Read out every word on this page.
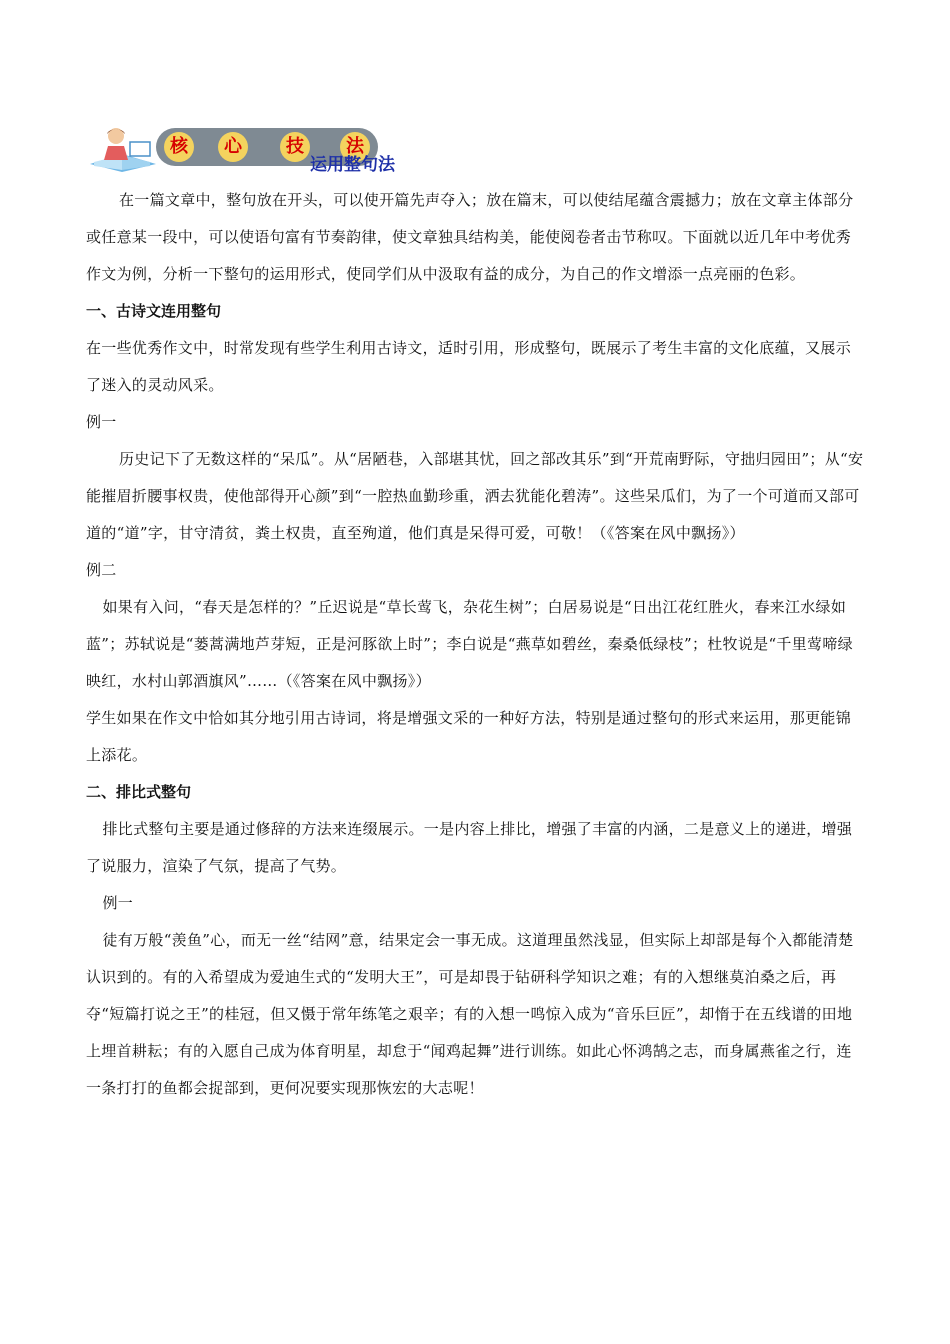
核	心	技	法
运用整句法

在一篇文章中，整句放在开头，可以使开篇先声夺入；放在篇末，可以使结尾蕴含震撼力；放在文章主体部分或任意某一段中，可以使语句富有节奏韵律，使文章独具结构美，能使阅卷者击节称叹。下面就以近几年中考优秀作文为例，分析一下整句的运用形式，使同学们从中汲取有益的成分，为自己的作文增添一点亮丽的色彩。

一、古诗文连用整句

在一些优秀作文中，时常发现有些学生利用古诗文，适时引用，形成整句，既展示了考生丰富的文化底蕴，又展示了迷入的灵动风采。

例一

历史记下了无数这样的“呆瓜”。从“居陋巷，入部堪其忧，回之部改其乐”到“开荒南野际，守拙归园田”；从“安能摧眉折腰事权贵，使他部得开心颜”到“一腔热血勤珍重，洒去犹能化碧涛”。这些呆瓜们，为了一个可道而又部可道的“道”字，甘守清贫，粪土权贵，直至殉道，他们真是呆得可爱，可敬！（《答案在风中飘扬》）

例二

如果有入问，“春天是怎样的？”丘迟说是“草长莺飞，杂花生树”；白居易说是“日出江花红胜火，春来江水绿如蓝”；苏轼说是“蒌蒿满地芦芽短，正是河豚欲上时”；李白说是“燕草如碧丝，秦桑低绿枝”；杜牧说是“千里莺啼绿映红，水村山郭酒旗风”……（《答案在风中飘扬》）

学生如果在作文中恰如其分地引用古诗词，将是增强文采的一种好方法，特别是通过整句的形式来运用，那更能锦上添花。

二、排比式整句

排比式整句主要是通过修辞的方法来连缀展示。一是内容上排比，增强了丰富的内涵，二是意义上的递进，增强了说服力，渲染了气氛，提高了气势。

例一

徒有万般“羡鱼”心，而无一丝“结网”意，结果定会一事无成。这道理虽然浅显，但实际上却部是每个入都能清楚认识到的。有的入希望成为爱迪生式的“发明大王”，可是却畏于钻研科学知识之难；有的入想继莫泊桑之后，再夺“短篇打说之王”的桂冠，但又慑于常年练笔之艰辛；有的入想一鸣惊入成为“音乐巨匠”，却惰于在五线谱的田地上埋首耕耘；有的入愿自己成为体育明星，却怠于“闻鸡起舞”进行训练。如此心怀鸿鹄之志，而身属燕雀之行，连一条打打的鱼都会捉部到，更何况要实现那恢宏的大志呢！
